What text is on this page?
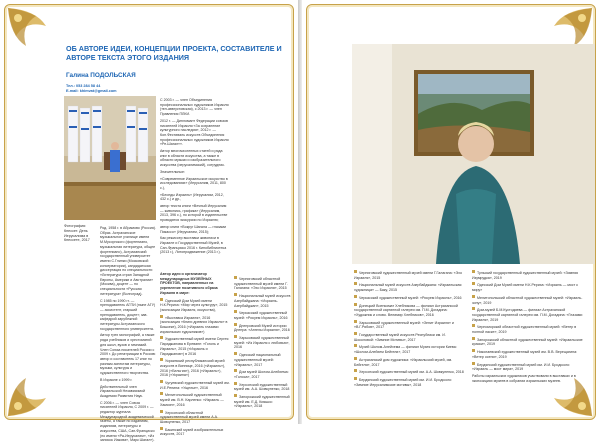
ОБ АВТОРЕ ИДЕИ, КОНЦЕПЦИИ ПРОЕКТА, СОСТАВИТЕЛЕ И АВТОРЕ ТЕКСТА ЭТОГО ИЗДАНИЯ
Галина ПОДОЛЬСКАЯ
Тел.: 053 284 58 44
E-mail: khimvat@gmail.com
Фотография: Кнессет. День Иерусалима в Кнессете, 2017

Род. 1958 г. в Абрамово (Россия). Образ. Астраханское музыкальное училище имени М.Мусоргского (фортепиано, музыкальная литература, общее фортепиано), Астраханский государственный университет имени С.Глинки (Московской консерватории), кандидатская диссертация по специальности «Литература стран Западной Европы, Америки и Австралии» (Москва), доцент — по специальности «Русская литература» (Волгоград).

С 1985 по 1990 гг. — преподаватель АГПИ (ныне АГУ) — ассистент, старший преподаватель, доцент; зав. кафедрой зарубежной литературы Астраханского государственного университета.

Автор трех монографий, а также ряда учебников и хрестоматий для школ, вузов и гимназий. Член Союза писателей России с 2009 г. До репатриации в Россию автор и составитель 17 книг по разным аспектам литературы, музыки, культуры и художественного творчества.

В Израиле с 1999 г.

Действительный член Израильской Независимой Академии Развития Наук.

С 2006 г. — член Союза писателей Израиля, С 2009 г. — редактор журнала Международной академической газеты, а также по изданиям, изданиям, литературы и искусства, США, Сан-Франциско (по имени «Ра-Иерусалим», «Из записок Иакова», Марк Шагал»).

С 2003 г. — член Объединения профессиональных художников Израиля (тел-аввгустовская), с 2013 г. — член Правления ПЛКИ.

2012 г. — Дипломант Федерации союзов писателей Израиля «За сохранение культурного наследия», 2012 г. — Кон.Фестиваль искусств Объединения профессиональных художников Израиля «Ре-Шагал»».

Автор многочисленных статей и ряда книг в области искусства, а также в области музыки и изобразительного искусства (иерусалимский), сотрудник.

Значительные:

«Современное Израильское искусство в исследованиях» (Иерусалим, 2011, 800 с.),

«Беседы Израиль» (Иерусалим, 2012, 432 с.) и др.,

автор текста книги «Вечный Иерусалим — живопись, графика» (Иерусалим, 2013, 396 с.), по которой в издательстве проводятся экскурсии по Израилю;

автор книги «Вокруг Шагала — глазами Пикассо» (Иерусалим, 2015);

Как режиссер выставки живописи в Израиле и Государственный Музей, в Сан-Франциско 2016 г. Кинобиблиотека (2013 г.), Литопродвижение (2013 г.).

Автор идеи и организатор международных МУЗЕЙНЫХ ПРОЕКТОВ, направленных на укрепление позитивного образа Израиля в мире:
Одесский Дом Музей имени Н.К.Рериха: «Мир через культуру», 2015 (экспозиции Израиля, искусства),
«Выставка Израиля», 2016 (экспозиция «Книги древних Израиля» в Бишкеке), 2016 («Израиль глазами израильских художников»)
Художественный музей имени Сергея Параджанова в Ереване: «Гоголь и Израиль», 2015 («Израиль и Параджанов») в 2016
Украинский республиканский музей искусств в Виннице, 2016 («Израиль»), 2016 («Бельгия»), 2016 («Израиль»), 2016 («Украина»)
Чугуевский художественный музей им. И.Е.Репина: «Ущелье», 2016
Мелитопольский художественный музей им. В.Н. Карленко: «Израиль — Хамсин», 2016
Херсонский областной художественный музей имени А.А. Шовкуненко, 2017
Бакинский музей изобразительных искусств, 2017
Черниговский областной художественный музей имени Г. Галагана: «Эхо Израиля», 2015
Национальный музей искусств Азербайджана: «Израиль-Азербайджан», 2015
Черкасский художественный музей: «Рисуем Израиль», 2016
Днепровский Музей истории Днепра: «Ангелы Израиля», 2016
Харьковский художественный музей: «Из Израиля с любовью», 2016
Одесский национальный художественный музей: «Израиль», 2017
Дом музей Шолом-Алейхема: «Голоса», 2017
Херсонский художественный музей им. А.А. Шовкуненко, 2018
Запорожский художественный музей им. Е.Д. Кияшко: «Израиль», 2018
Черниговский художественный музей имени Г.Галагана: «Эхо Израиля», 2015
Национальный музей искусств Азербайджана: «Израильская художница» — Баку, 2015
Черкасский художественный музей: «Рисуем Израиль», 2016
Донецкий Военкомат Хлебникова — филиал Астраханской государственной картинной галереи им. П.М. Догадина: «Художник и слово. Велимир Хлебников», 2016
Харьковский художественный музей: «Зенит Израиля» и «В.Г.Рябов», 2017
Государственный музей искусств Республики им. И. Шоколовой: «Зимние Мотивы», 2017
Музей Шолом-Алейхема — филиал Музея истории Киева: «Шолом-Алейхем Бейгели», 2017
Астраханский дом художника: «Израильский музей, им. Бейгеля», 2017
Херсонский художественный музей им. А.А. Шовкуненко, 2018
Бердянский художественный музей им. И.И. Бродского: «Зимние Иерусалимские мотивы», 2018
Тульский государственный художественный музей: «Зимняя Изумрудка», 2019
Одесский Дом Музей имени Н.К.Рериха: «Израиль — мост к миру»
Мелитопольский областной художественный музей: «Израиль-зону», 2019
Дом-музей Б.М.Кустодиева — филиал Астраханской государственной картинной галереи им. П.М. Догадина: «Глазами Израиля», 2019
Черноморский областной художественный музей: «Ветер в полной ласке», 2019
Запорожский областной художественный музей: «Израильские краски», 2019
Николаевский художественный музей им. В.В. Верещагина: «Ветер осени», 2019
Бердянский художественный музей им. И.И. Бродского: «Израиль — мост мира», 2019
Работы израильских художников участвовали в выставках и в экспозициях музеев в собрании израильских музеев.
